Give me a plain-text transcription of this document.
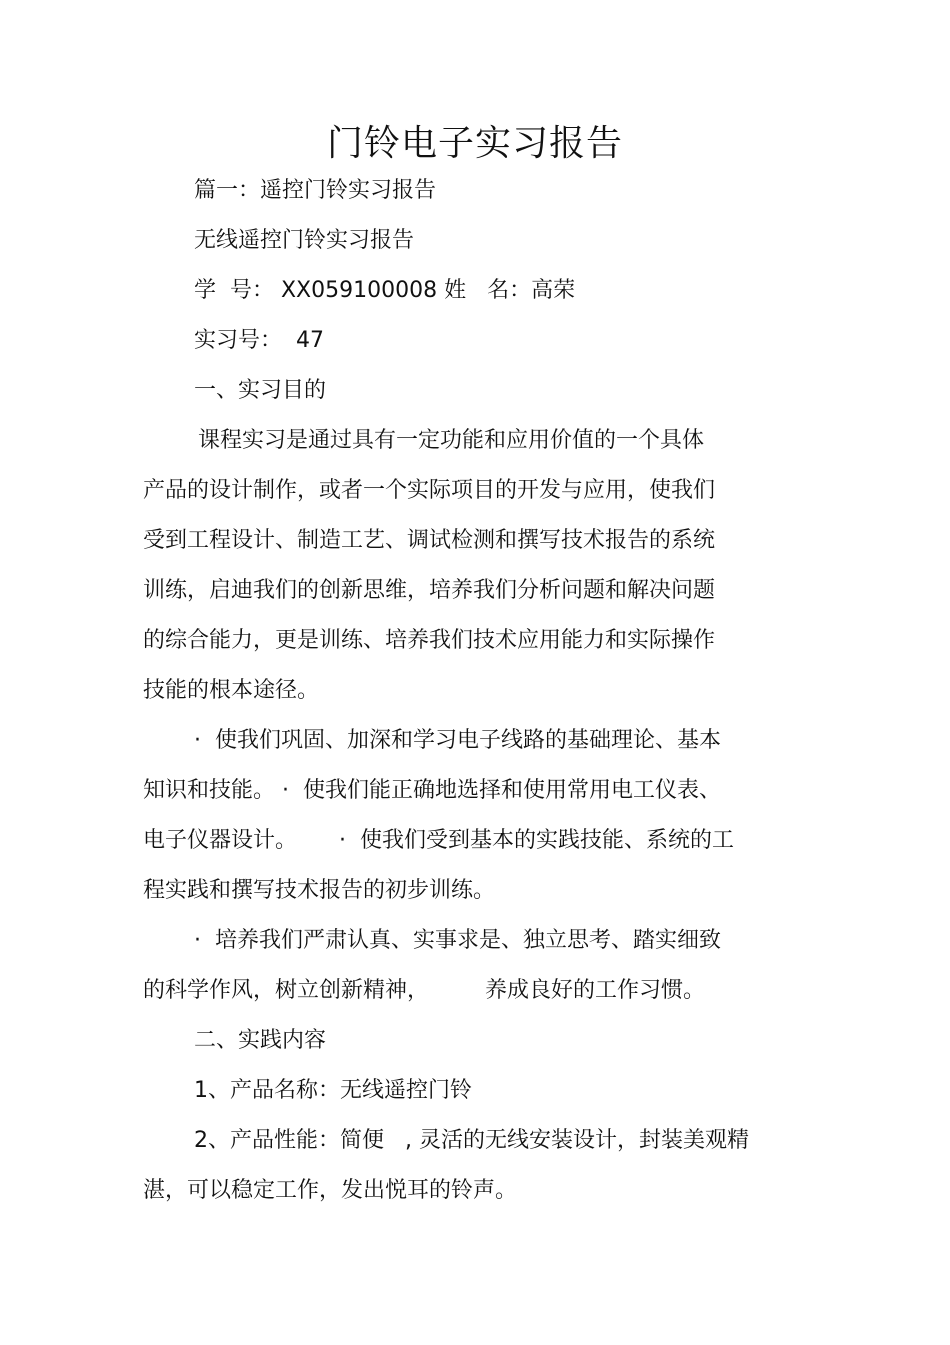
门铃电子实习报告
篇一：遥控门铃实习报告
无线遥控门铃实习报告
学  号： XX059100008 姓   名：高荣
实习号：  47
一、实习目的
课程实习是通过具有一定功能和应用价值的一个具体
产品的设计制作，或者一个实际项目的开发与应用，使我们
受到工程设计、制造工艺、调试检测和撰写技术报告的系统
训练，启迪我们的创新思维，培养我们分析问题和解决问题
的综合能力，更是训练、培养我们技术应用能力和实际操作
技能的根本途径。
·  使我们巩固、加深和学习电子线路的基础理论、基本
知识和技能。 ·  使我们能正确地选择和使用常用电工仪表、
电子仪器设计。      ·  使我们受到基本的实践技能、系统的工
程实践和撰写技术报告的初步训练。
·  培养我们严肃认真、实事求是、独立思考、踏实细致
的科学作风，树立创新精神，        养成良好的工作习惯。
二、实践内容
1、产品名称：无线遥控门铃
2、产品性能：简便   , 灵活的无线安装设计，封装美观精
湛，可以稳定工作，发出悦耳的铃声。
